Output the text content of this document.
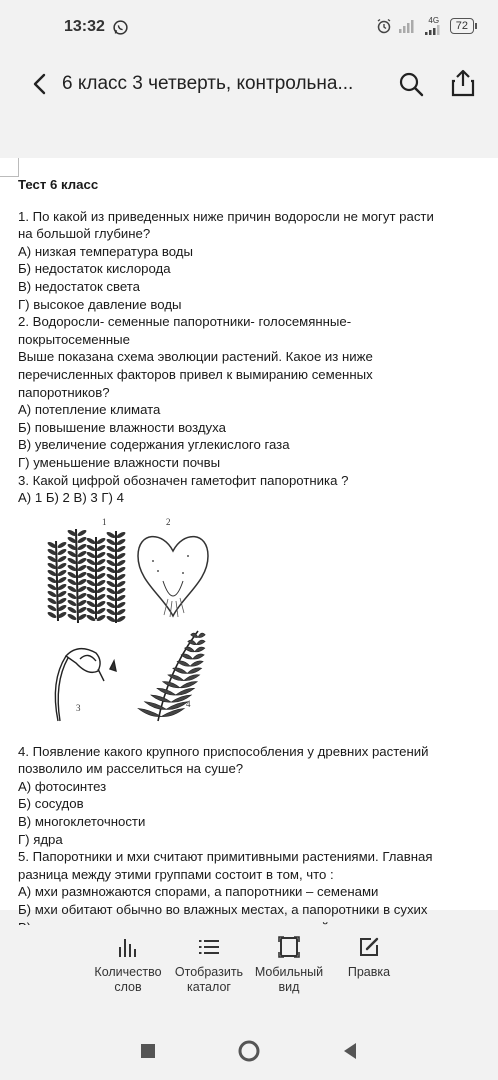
13:32	4G	72
6 класс 3 четверть, контрольна...

Тест 6 класс

1. По какой из приведенных ниже причин водоросли не могут расти

на большой глубине?

А) низкая температура воды

Б) недостаток кислорода

В) недостаток света

Г) высокое давление воды

2. Водоросли- семенные папоротники- голосемянные-

покрытосеменные

Выше показана схема эволюции растений. Какое из ниже

перечисленных факторов привел к вымиранию семенных

папоротников?

А) потепление климата

Б) повышение влажности воздуха

В) увеличение содержания углекислого газа

Г) уменьшение влажности почвы

3. Какой цифрой обозначен гаметофит папоротника ?

А) 1 Б) 2 В) 3 Г) 4

1	2
3	4

4. Появление какого крупного приспособления у древних растений

позволило им расселиться на суше?

А) фотосинтез

Б) сосудов

В) многоклеточности

Г) ядра

5. Папоротники и мхи считают примитивными растениями. Главная

разница между этими группами состоит в том, что :

А) мхи размножаются спорами, а папоротники – семенами

Б) мхи обитают обычно во влажных местах, а папоротники в сухих

Количество
слов
Отобразить
каталог
Мобильный
вид
Правка
